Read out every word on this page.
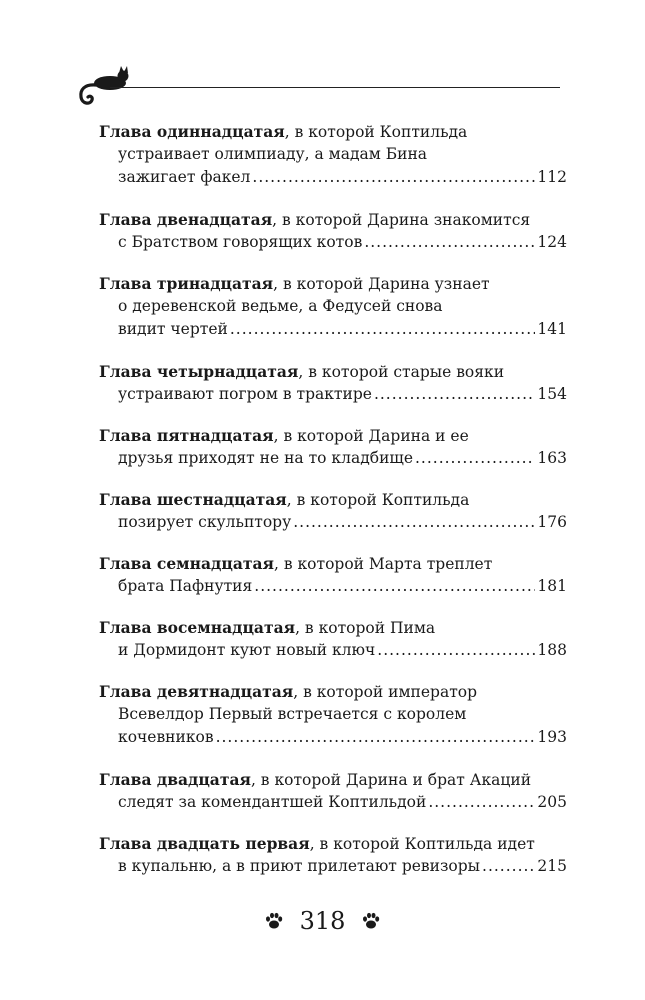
Глава одиннадцатая, в которой Коптильда
устраивает олимпиаду, а мадам Бина
зажигает факел .....	112
Глава двенадцатая, в которой Дарина знакомится
с Братством говорящих котов .....	124
Глава тринадцатая, в которой Дарина узнает
о деревенской ведьме, а Федусей снова
видит чертей .....	141
Глава четырнадцатая, в которой старые вояки
устраивают погром в трактире .....	154
Глава пятнадцатая, в которой Дарина и ее
друзья приходят не на то кладбище .....	163
Глава шестнадцатая, в которой Коптильда
позирует скульптору .....	176
Глава семнадцатая, в которой Марта треплет
брата Пафнутия .....	181
Глава восемнадцатая, в которой Пима
и Дормидонт куют новый ключ .....	188
Глава девятнадцатая, в которой император
Всевелдор Первый встречается с королем
кочевников .....	193
Глава двадцатая, в которой Дарина и брат Акаций
следят за комендантшей Коптильдой .....	205
Глава двадцать первая, в которой Коптильда идет
в купальню, а в приют прилетают ревизоры .....	215
318
